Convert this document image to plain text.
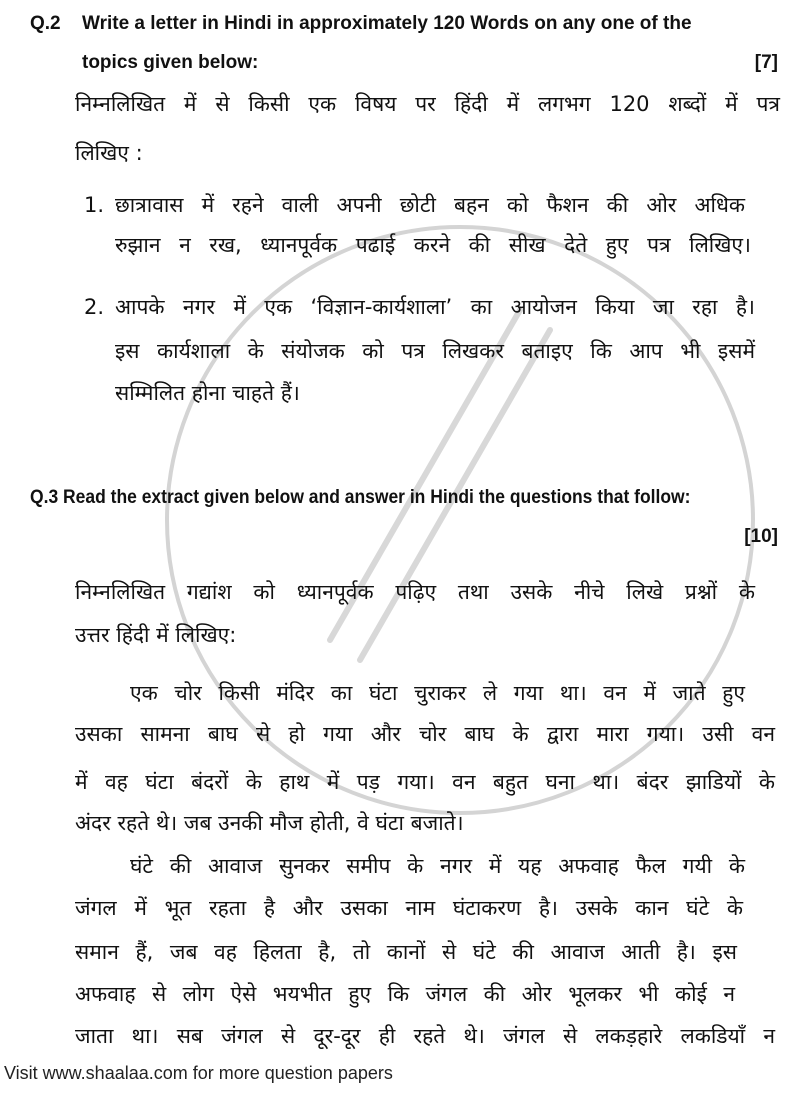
Q.2 Write a letter in Hindi in approximately 120 Words on any one of the
topics given below:	[7]
निम्नलिखित में से किसी एक विषय पर हिंदी में लगभग 120 शब्दों में पत्र
लिखिए :
1. छात्रावास में रहने वाली अपनी छोटी बहन को फैशन की ओर अधिक
रुझान न रख, ध्यानपूर्वक पढाई करने की सीख देते हुए पत्र लिखिए।
2. आपके नगर में एक ‘विज्ञान-कार्यशाला’ का आयोजन किया जा रहा है।
इस कार्यशाला के संयोजक को पत्र लिखकर बताइए कि आप भी इसमें
सम्मिलित होना चाहते हैं।
Q.3 Read the extract given below and answer in Hindi the questions that follow:
[10]
निम्नलिखित गद्यांश को ध्यानपूर्वक पढ़िए तथा उसके नीचे लिखे प्रश्नों के
उत्तर हिंदी में लिखिए:
एक चोर किसी मंदिर का घंटा चुराकर ले गया था। वन में जाते हुए
उसका सामना बाघ से हो गया और चोर बाघ के द्वारा मारा गया। उसी वन
में वह घंटा बंदरों के हाथ में पड़ गया। वन बहुत घना था। बंदर झाडियों के
अंदर रहते थे। जब उनकी मौज होती, वे घंटा बजाते।
घंटे की आवाज सुनकर समीप के नगर में यह अफवाह फैल गयी के
जंगल में भूत रहता है और उसका नाम घंटाकरण है। उसके कान घंटे के
समान हैं, जब वह हिलता है, तो कानों से घंटे की आवाज आती है। इस
अफवाह से लोग ऐसे भयभीत हुए कि जंगल की ओर भूलकर भी कोई न
जाता था। सब जंगल से दूर-दूर ही रहते थे। जंगल से लकड़हारे लकडियाँ न
Visit www.shaalaa.com for more question papers
